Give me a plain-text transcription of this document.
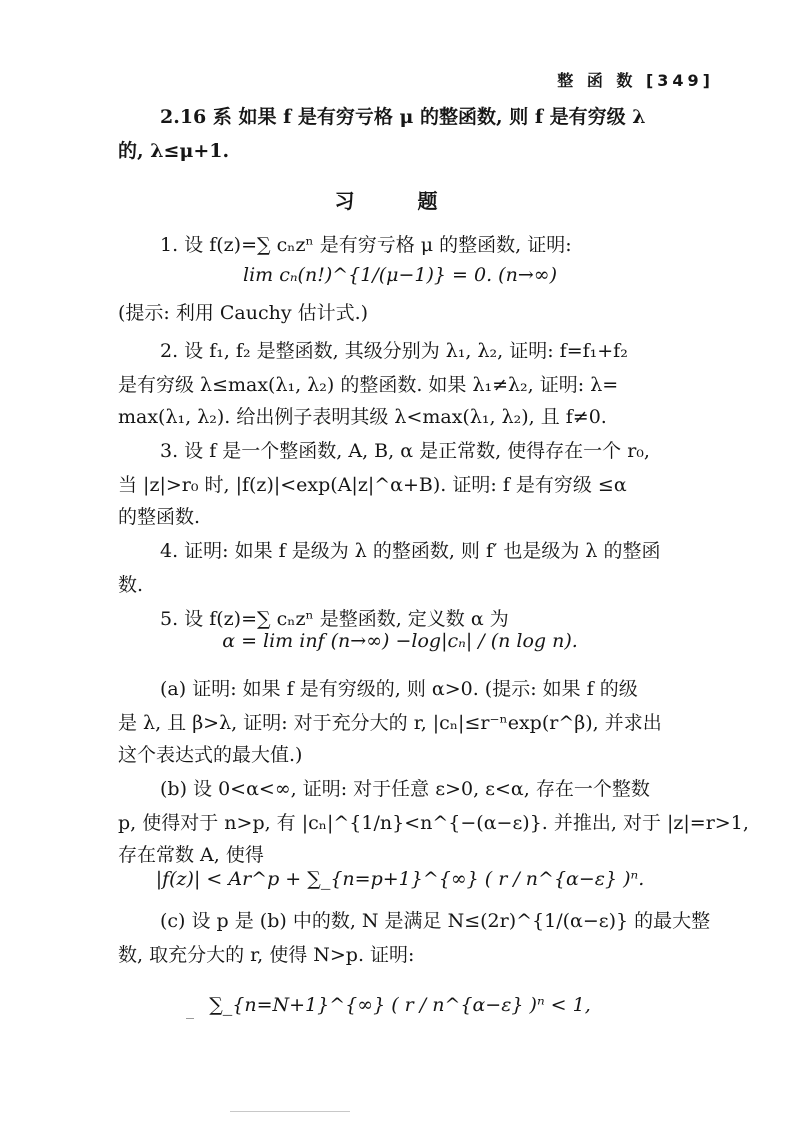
整 函 数 [349]
2.16 系 如果 f 是有穷亏格 μ 的整函数, 则 f 是有穷级 λ
的, λ≤μ+1.
习 题
1. 设 f(z)=∑ cₙzⁿ 是有穷亏格 μ 的整函数, 证明:
lim cₙ(n!)^{1/(μ−1)} = 0. (n→∞)
(提示: 利用 Cauchy 估计式.)
2. 设 f₁, f₂ 是整函数, 其级分别为 λ₁, λ₂, 证明: f=f₁+f₂
是有穷级 λ≤max(λ₁, λ₂) 的整函数. 如果 λ₁≠λ₂, 证明: λ=
max(λ₁, λ₂). 给出例子表明其级 λ<max(λ₁, λ₂), 且 f≠0.
3. 设 f 是一个整函数, A, B, α 是正常数, 使得存在一个 r₀,
当 |z|>r₀ 时, |f(z)|<exp(A|z|^α+B). 证明: f 是有穷级 ≤α
的整函数.
4. 证明: 如果 f 是级为 λ 的整函数, 则 f′ 也是级为 λ 的整函
数.
5. 设 f(z)=∑ cₙzⁿ 是整函数, 定义数 α 为
α = lim inf (n→∞) −log|cₙ| / (n log n).
(a) 证明: 如果 f 是有穷级的, 则 α>0. (提示: 如果 f 的级
是 λ, 且 β>λ, 证明: 对于充分大的 r, |cₙ|≤r⁻ⁿexp(r^β), 并求出
这个表达式的最大值.)
(b) 设 0<α<∞, 证明: 对于任意 ε>0, ε<α, 存在一个整数
p, 使得对于 n>p, 有 |cₙ|^{1/n}<n^{−(α−ε)}. 并推出, 对于 |z|=r>1,
存在常数 A, 使得
|f(z)| < Ar^p + ∑_{n=p+1}^{∞} ( r / n^{α−ε} )ⁿ.
(c) 设 p 是 (b) 中的数, N 是满足 N≤(2r)^{1/(α−ε)} 的最大整
数, 取充分大的 r, 使得 N>p. 证明:
∑_{n=N+1}^{∞} ( r / n^{α−ε} )ⁿ < 1,
